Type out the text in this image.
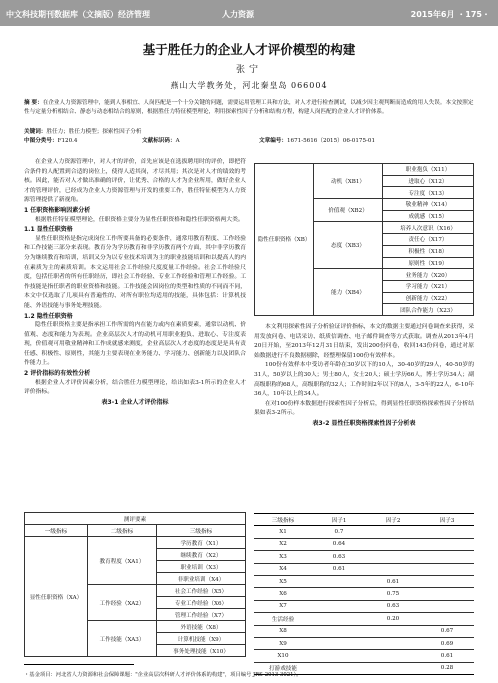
中文科技期刊数据库（文摘版）经济管理	人力资源	2015年6月 ・175・
基于胜任力的企业人才评价模型的构建
张宁
燕山大学教务处，河北秦皇岛 066004
摘 要：在企业人力资源管理中，能到人事相宜、人岗匹配是一个十分关键的问题，需要运用管理工具和方法，对人才进行检查测试，以减少因主观判断而造成的用人失误。本文按照定性与定量分析相结合、静态与动态相结合的原则，根据胜任力特征模型理论，利用探索性因子分析和结构方程，构建人岗匹配的企业人才评价体系。
关键词：胜任力；胜任力模型；探索性因子分析
中图分类号：F120.4	文献标识码：A	文章编号：1671-5616（2015）06-0175-01

在企业人力资源管理中，对人才的评价，首先应该是在选拔聘用时的评价，即把符合条件的人配置到合适的岗位上，使得人适其岗，才尽其用；其次是对人才的绩效的考核。因此，能否对人才做出准确的评价，让优秀、合格的人才为企业所用，做好企业人才的管理评价，已经成为企业人力资源管理与开发的重要工作，胜任特征模型为人力资源管理提供了新视角。

1 任职资格影响因素分析

根据胜任特征模型理论，任职资格主要分为显性任职资格和隐性任职资格两大类。

1.1 显性任职资格

显性任职资格是指完成岗位工作所要具备的必要条件，通常用教育程度、工作经验和工作技能三部分来表现。教育分为学历教育和非学历教育两个方面，其中非学历教育分为继续教育和培训，培训又分为以专业技术培训为主的职业技能培训和以提高人的内在素质为主的素质培训。本文运用社会工作经验尺度度量工作经验。社会工作经验尺度，包括任职者的所有任职经历，即社会工作经验、专业工作经验和管理工作经验。工作技能是指任职者的职业资格和技能。工作技能会因岗位的类型和性质的不同而不同，本文中仅选取了几项具有普遍性的、对所有职位均适用的技能，具体包括：计算机技能、外语技能与事务处理技能。

1.2 隐性任职资格

隐性任职资格主要是指承担工作所需的内在能力或内在素质要素，通常以动机、价值观、态度和能力为表现。企业高层次人才的动机可用职业抱负、进取心、专注度表现，价值观可用敬业精神和工作成就感来测度，企业高层次人才态度的态度是是具有责任感、积极性、原则性，其能力主要表现在业务能力、学习能力、创新能力以及团队合作能力上。

2 评价指标的有效性分析

根据企业人才评价因素分析，结合胜任力模型理论，给出如表3-1所示的企业人才评价指标。

表3-1 企业人才评价指标
测评要素		
一级指标	二级指标	三级指标
显性任职资格（XA）	教育程度（XA1）	学历教育（X1）
		继续教育（X2）
		职业培训（X3）
		非职业培训（X4）
	工作经验（XA2）	社会工作经验（X5）
		专业工作经验（X6）
		管理工作经验（X7）
	工作技能（XA3）	外语技能（X8）
		计算机技能（X9）
		事务处理技能（X10）
隐性任职资格（XB）	动机（XB1）	职业抱负（X11）
		进取心（X12）
		专注度（X13）
	价值观（XB2）	敬业精神（X14）
		成就感（X15）
	态度（XB3）	培养人次意识（X16）
		责任心（X17）
		积极性（X18）
		原则性（X19）
	能力（XB4）	业务能力（X20）
		学习能力（X21）
		创新能力（X22）
		团队合作能力（X23）

本文利用探索性因子分析验证评价指标，本文的数据主要通过问卷调查来获得，采用发放问卷、电话采访、纸质信调查、电子邮件调查等方式获取。调查从2013年4月20日开始，至2013年12月31日结束，发出200份问卷，收回143份问卷，通过对原始数据进行不良数据剔除，经整理保留100份有效样本。

100份有效样本中受访者年龄在30岁以下的10人，30-40岁的29人，40-50岁的31人，50岁以上的30人；男士80人，女士20人；硕士学历66人，博士学历34人；副高级职称的68人，高级职称的32人；工作时间2年以下的8人，3-5年的22人，6-10年36人，10年以上的34人。

在对100份样本数据进行探索性因子分析后，得到显性任职资格探索性因子分析结果如表3-2所示。

表3-2 显性任职资格探索性因子分析表
三级指标	因子1	因子2	因子3
X1	0.7		
X2	0.64		
X3	0.63		
X4	0.61		
X5		0.61	
X6		0.75	
X7		0.63	
生活经验		0.20	
X8			0.67
X9			0.69
X10			0.61
打游戏技能			0.28
・基金项目：河北省人力资源和社会保障课题："企业高层次科研人才评价体系的构建"，项目编号 JRS-2013-3021）。
